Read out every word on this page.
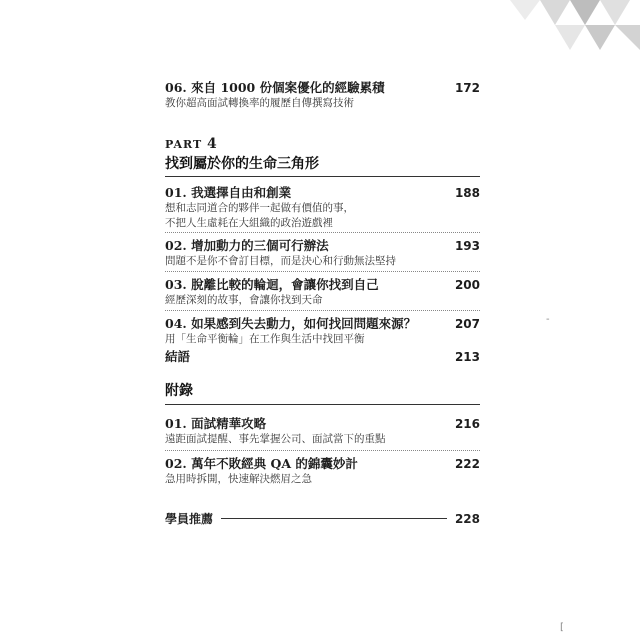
06. 來自 1000 份個案優化的經驗累積	172
教你超高面試轉換率的履歷自傳撰寫技術
PART 4
找到屬於你的生命三角形
01. 我選擇自由和創業	188
想和志同道合的夥伴一起做有價值的事，
不把人生虛耗在大組織的政治遊戲裡
02. 增加動力的三個可行辦法	193
問題不是你不會訂目標，而是決心和行動無法堅持
03. 脫離比較的輪迴，會讓你找到自己	200
經歷深刻的故事，會讓你找到天命
04. 如果感到失去動力，如何找回問題來源？	207
用「生命平衡輪」在工作與生活中找回平衡
結語	213
附錄
01. 面試精華攻略	216
遠距面試提醒、事先掌握公司、面試當下的重點
02. 萬年不敗經典 QA 的錦囊妙計	222
急用時拆開，快速解決燃眉之急
學員推薦	228
-
[
